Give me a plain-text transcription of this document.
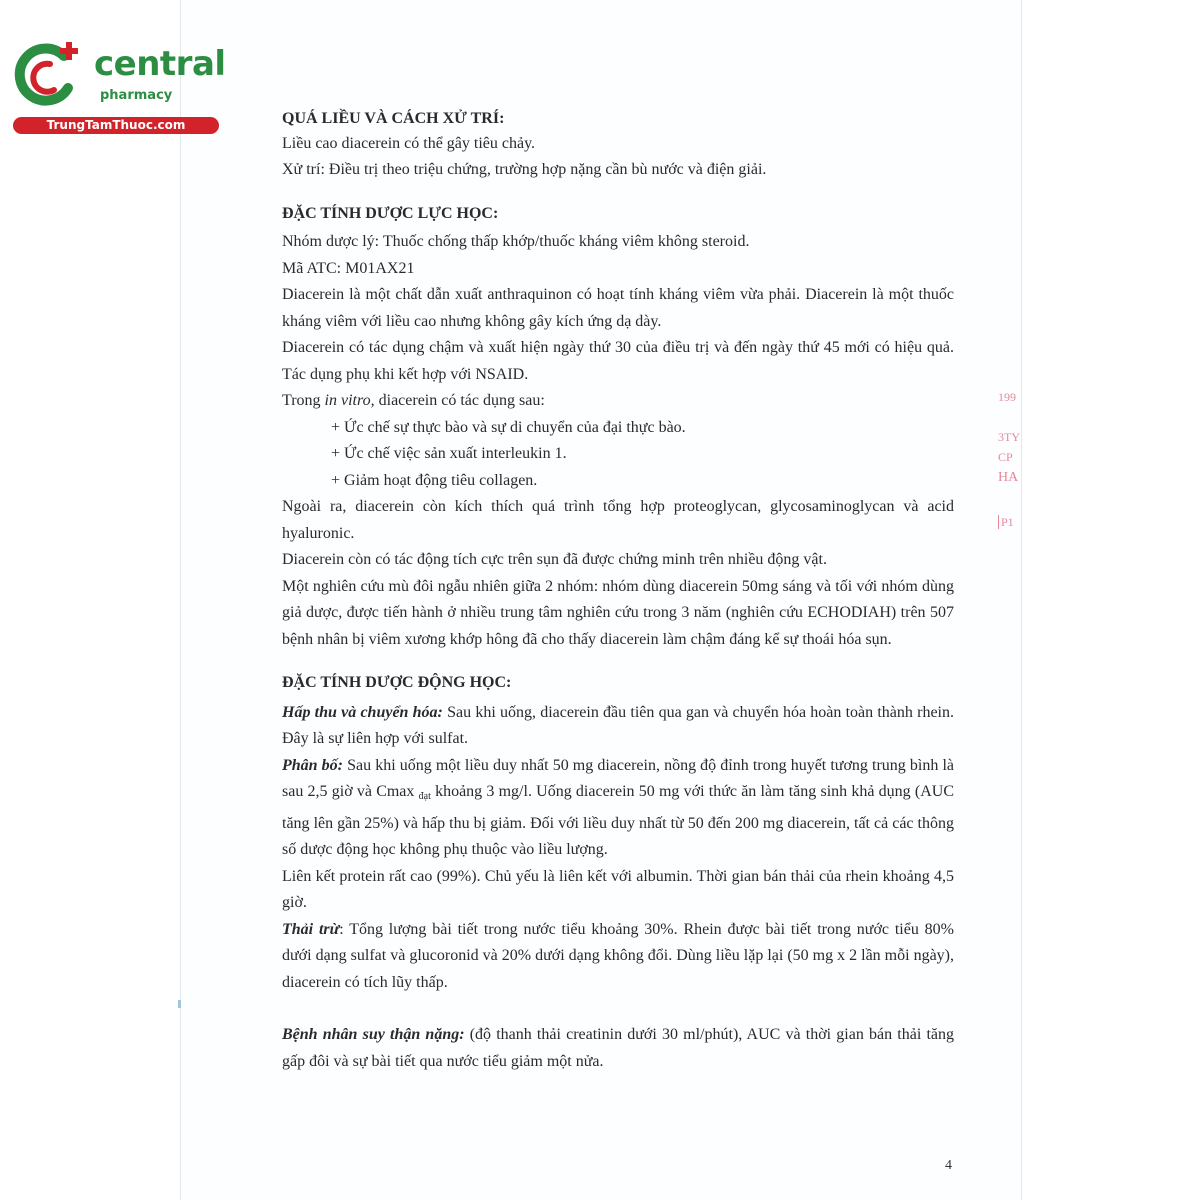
central
pharmacy
TrungTamThuoc.com
199
3TY
CP
HA
P1

QUÁ LIỀU VÀ CÁCH XỬ TRÍ:

Liều cao diacerein có thể gây tiêu chảy.

Xử trí: Điều trị theo triệu chứng, trường hợp nặng cần bù nước và điện giải.

ĐẶC TÍNH DƯỢC LỰC HỌC:

Nhóm dược lý: Thuốc chống thấp khớp/thuốc kháng viêm không steroid.

Mã ATC: M01AX21

Diacerein là một chất dẫn xuất anthraquinon có hoạt tính kháng viêm vừa phải. Diacerein là một thuốc kháng viêm với liều cao nhưng không gây kích ứng dạ dày.

Diacerein có tác dụng chậm và xuất hiện ngày thứ 30 của điều trị và đến ngày thứ 45 mới có hiệu quả. Tác dụng phụ khi kết hợp với NSAID.

Trong in vitro, diacerein có tác dụng sau:

+ Ức chế sự thực bào và sự di chuyển của đại thực bào.

+ Ức chế việc sản xuất interleukin 1.

+ Giảm hoạt động tiêu collagen.

Ngoài ra, diacerein còn kích thích quá trình tổng hợp proteoglycan, glycosaminoglycan và acid hyaluronic.

Diacerein còn có tác động tích cực trên sụn đã được chứng minh trên nhiều động vật.

Một nghiên cứu mù đôi ngẫu nhiên giữa 2 nhóm: nhóm dùng diacerein 50mg sáng và tối với nhóm dùng giả dược, được tiến hành ở nhiều trung tâm nghiên cứu trong 3 năm (nghiên cứu ECHODIAH) trên 507 bệnh nhân bị viêm xương khớp hông đã cho thấy diacerein làm chậm đáng kể sự thoái hóa sụn.

ĐẶC TÍNH DƯỢC ĐỘNG HỌC:

Hấp thu và chuyển hóa: Sau khi uống, diacerein đầu tiên qua gan và chuyển hóa hoàn toàn thành rhein. Đây là sự liên hợp với sulfat.

Phân bố: Sau khi uống một liều duy nhất 50 mg diacerein, nồng độ đỉnh trong huyết tương trung bình là sau 2,5 giờ và Cmax $_{đạt}$ khoảng 3 mg/l. Uống diacerein 50 mg với thức ăn làm tăng sinh khả dụng (AUC tăng lên gần 25%) và hấp thu bị giảm. Đối với liều duy nhất từ 50 đến 200 mg diacerein, tất cả các thông số dược động học không phụ thuộc vào liều lượng.

Liên kết protein rất cao (99%). Chủ yếu là liên kết với albumin. Thời gian bán thải của rhein khoảng 4,5 giờ.

Thải trừ: Tổng lượng bài tiết trong nước tiểu khoảng 30%. Rhein được bài tiết trong nước tiểu 80% dưới dạng sulfat và glucoronid và 20% dưới dạng không đổi. Dùng liều lặp lại (50 mg x 2 lần mỗi ngày), diacerein có tích lũy thấp.

Bệnh nhân suy thận nặng: (độ thanh thải creatinin dưới 30 ml/phút), AUC và thời gian bán thải tăng gấp đôi và sự bài tiết qua nước tiểu giảm một nửa.

4
